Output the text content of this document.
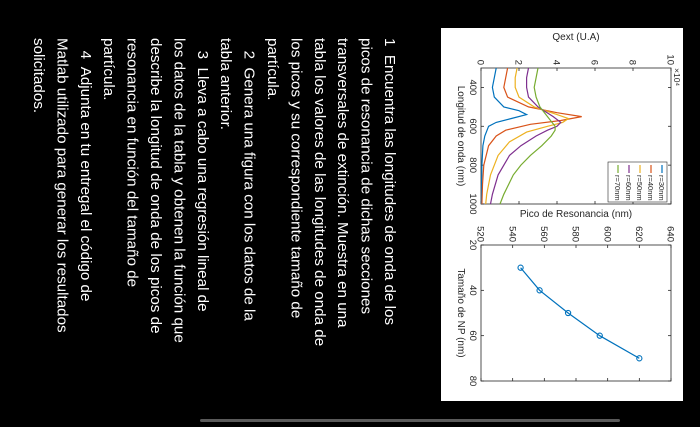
400
600
800
1000
0	2	4	6	8	10
Longitud de onda (nm)
Qext (U.A)
×10⁴
r=30nm
r=40nm
r=50nm
r=60nm
r=70nm
20
40
60
80
520 540 560 580 600 620 640
Tamaño de NP (nm)
Pico de Resonancia (nm)
1  Encuentra las longitudes de onda de los
picos de resonancia de dichas secciones
transversales de extinción. Muestra en una
tabla los valores de las longitudes de onda de
los picos y su correspondiente tamaño de
partícula.
2  Genera una figura con los datos de la
tabla anterior.
3  Lleva a cabo una regresión lineal de
los datos de la tabla y obtenen la función que
describe la longitud de onda de los picos de
resonancia en función del tamaño de
partícula.
4  Adjunta en tu entregal el código de
Matlab utilizado para generar los resultados
solicitados.
